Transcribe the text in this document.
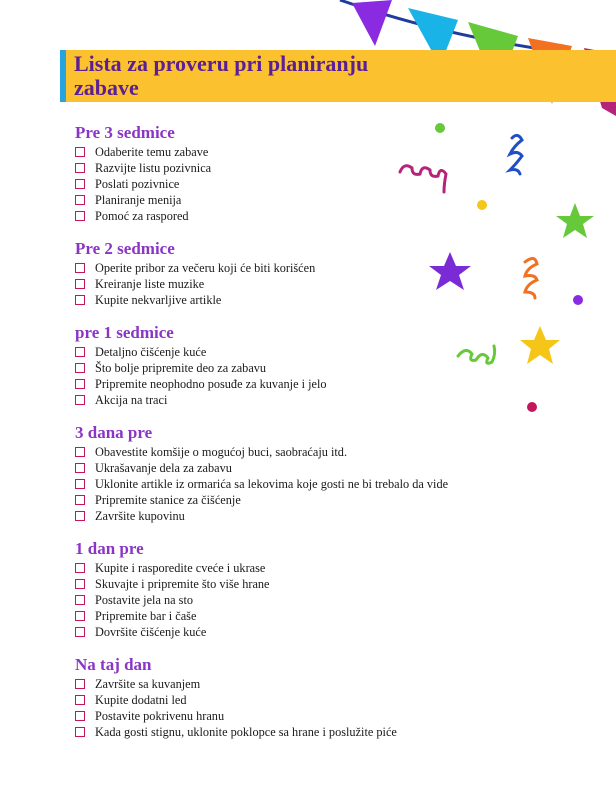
Lista za proveru pri planiranju zabave
Pre 3 sedmice
Odaberite temu zabave
Razvijte listu pozivnica
Poslati pozivnice
Planiranje menija
Pomoć za raspored
Pre 2 sedmice
Operite pribor za večeru koji će biti korišćen
Kreiranje liste muzike
Kupite nekvarljive artikle
pre 1 sedmice
Detaljno čišćenje kuće
Što bolje pripremite deo za zabavu
Pripremite neophodno posuđe za kuvanje i jelo
Akcija na traci
3 dana pre
Obavestite komšije o mogućoj buci, saobraćaju itd.
Ukrašavanje dela za zabavu
Uklonite artikle iz ormarića sa lekovima koje gosti ne bi trebalo da vide
Pripremite stanice za čišćenje
Završite kupovinu
1 dan pre
Kupite i rasporedite cveće i ukrase
Skuvajte i pripremite što više hrane
Postavite jela na sto
Pripremite bar i čaše
Dovršite čišćenje kuće
Na taj dan
Završite sa kuvanjem
Kupite dodatni led
Postavite pokrivenu hranu
Kada gosti stignu, uklonite poklopce sa hrane i poslužite piće
